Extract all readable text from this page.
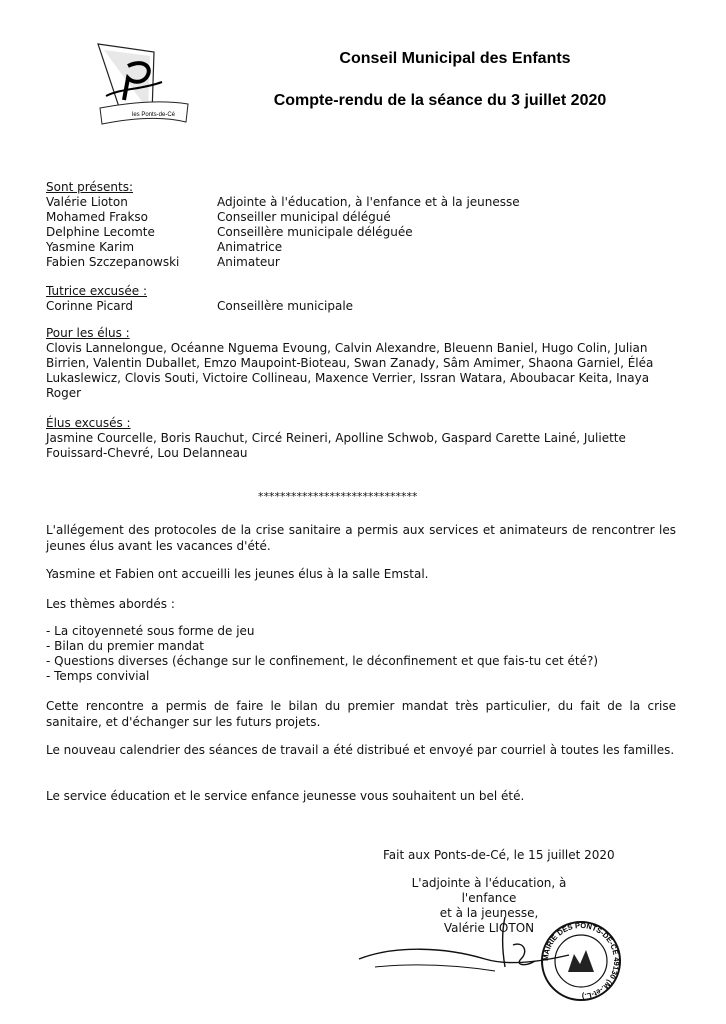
les Ponts-de-Cé
Conseil Municipal des Enfants
Compte-rendu de la séance du 3 juillet 2020
Sont présents:
Valérie Lioton	Adjointe à l'éducation, à l'enfance et à la jeunesse
Mohamed Frakso	Conseiller municipal délégué
Delphine Lecomte	Conseillère municipale déléguée
Yasmine Karim	Animatrice
Fabien Szczepanowski	Animateur
Tutrice excusée :
Corinne Picard	Conseillère municipale
Pour les élus :
Clovis Lannelongue, Océanne Nguema Evoung, Calvin Alexandre, Bleuenn Baniel, Hugo Colin, Julian
Birrien, Valentin Duballet, Emzo Maupoint-Bioteau, Swan Zanady, Sâm Amimer, Shaona Garniel, Éléa
Lukaslewicz, Clovis Souti, Victoire Collineau, Maxence Verrier, Issran Watara, Aboubacar Keita, Inaya
Roger
Élus excusés :
Jasmine Courcelle, Boris Rauchut, Circé Reineri, Apolline Schwob, Gaspard Carette Lainé, Juliette
Fouissard-Chevré, Lou Delanneau
*****************************
L'allégement des protocoles de la crise sanitaire a permis aux services et animateurs de rencontrer les jeunes élus avant les vacances d'été.
Yasmine et Fabien ont accueilli les jeunes élus à la salle Emstal.
Les thèmes abordés :
- La citoyenneté sous forme de jeu
- Bilan du premier mandat
- Questions diverses (échange sur le confinement, le déconfinement et que fais-tu cet été?)
- Temps convivial
Cette rencontre a permis de faire le bilan du premier mandat très particulier, du fait de la crise sanitaire, et d'échanger sur les futurs projets.
Le nouveau calendrier des séances de travail a été distribué et envoyé par courriel à toutes les familles.
Le service éducation et le service enfance jeunesse vous souhaitent un bel été.
Fait aux Ponts-de-Cé, le 15 juillet 2020
L'adjointe à l'éducation, à l'enfance
et à la jeunesse,
Valérie LIOTON
MAIRIE DES PONTS-DE-CÉ 49130 (M.-et-L.)
